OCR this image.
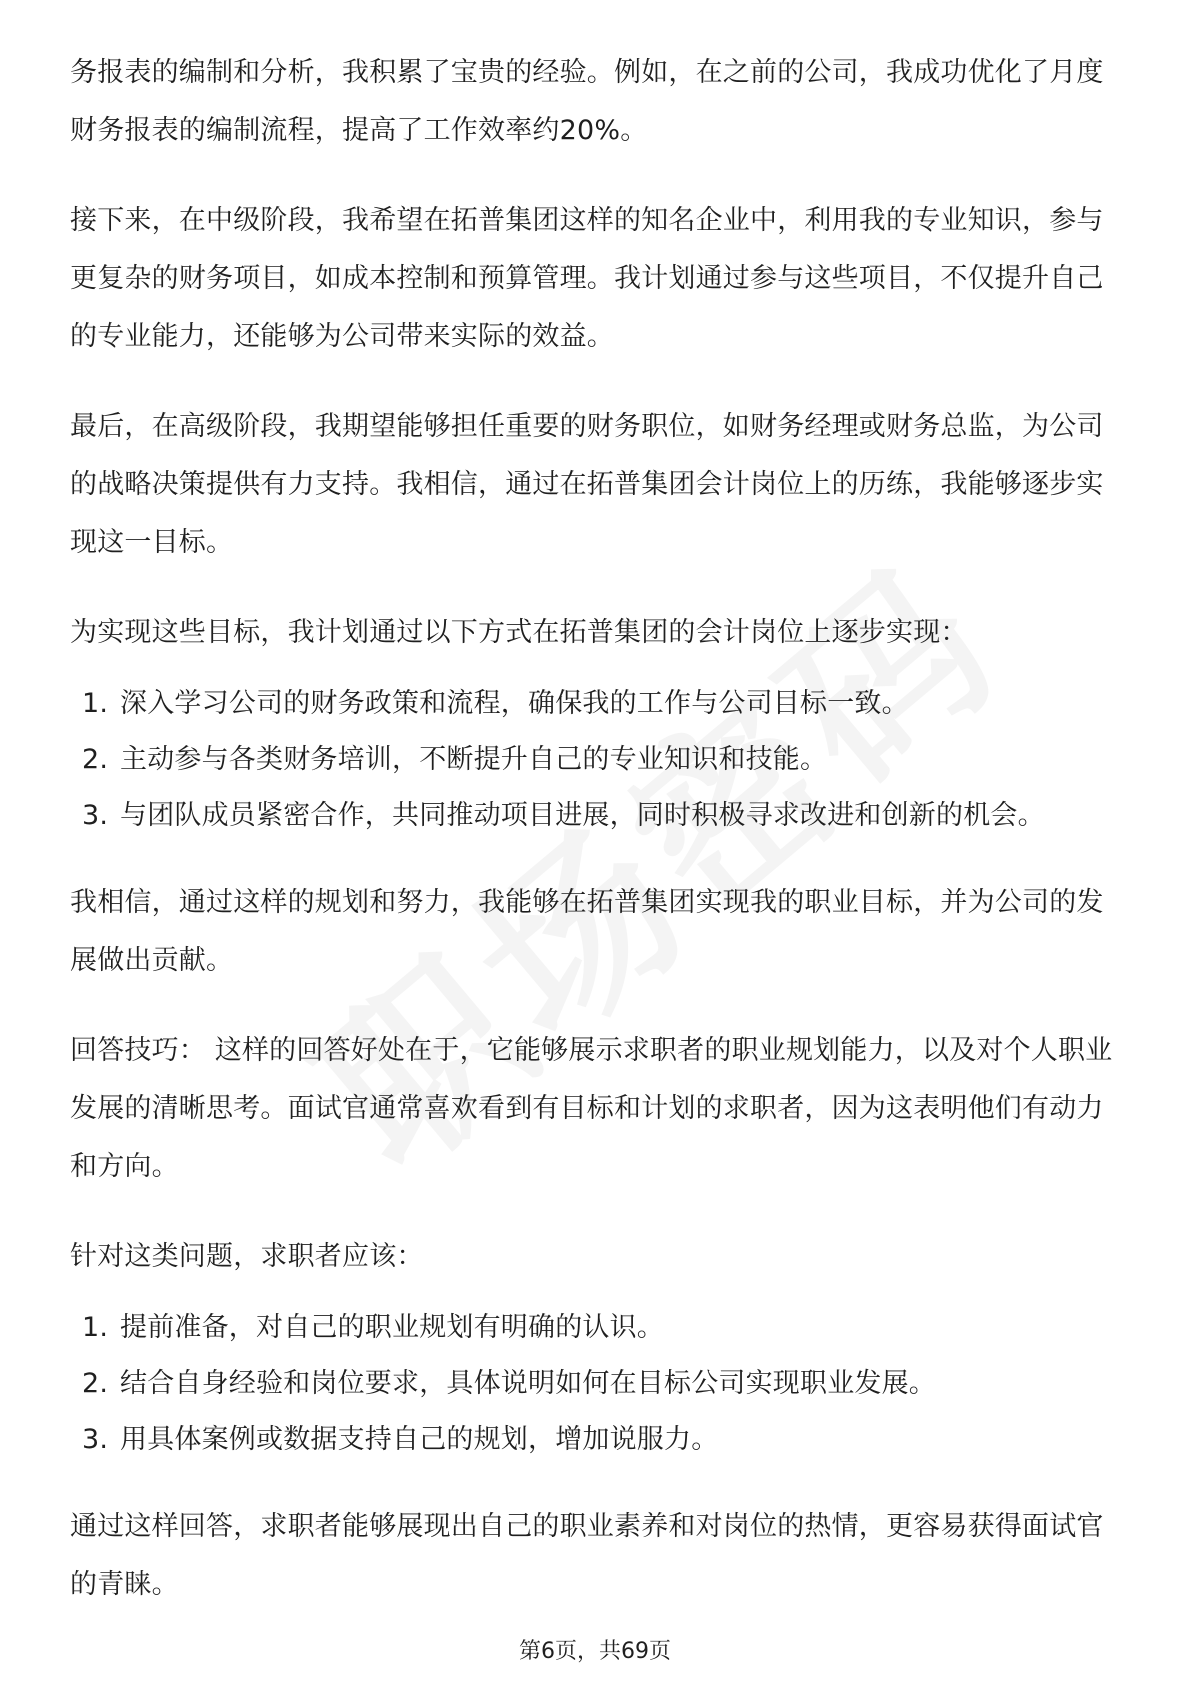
务报表的编制和分析，我积累了宝贵的经验。例如，在之前的公司，我成功优化了月度财务报表的编制流程，提高了工作效率约20%。

接下来，在中级阶段，我希望在拓普集团这样的知名企业中，利用我的专业知识，参与更复杂的财务项目，如成本控制和预算管理。我计划通过参与这些项目，不仅提升自己的专业能力，还能够为公司带来实际的效益。

最后，在高级阶段，我期望能够担任重要的财务职位，如财务经理或财务总监，为公司的战略决策提供有力支持。我相信，通过在拓普集团会计岗位上的历练，我能够逐步实现这一目标。

为实现这些目标，我计划通过以下方式在拓普集团的会计岗位上逐步实现：

1. 深入学习公司的财务政策和流程，确保我的工作与公司目标一致。
2. 主动参与各类财务培训，不断提升自己的专业知识和技能。
3. 与团队成员紧密合作，共同推动项目进展，同时积极寻求改进和创新的机会。

我相信，通过这样的规划和努力，我能够在拓普集团实现我的职业目标，并为公司的发展做出贡献。

回答技巧： 这样的回答好处在于，它能够展示求职者的职业规划能力，以及对个人职业发展的清晰思考。面试官通常喜欢看到有目标和计划的求职者，因为这表明他们有动力和方向。

针对这类问题，求职者应该：

1. 提前准备，对自己的职业规划有明确的认识。
2. 结合自身经验和岗位要求，具体说明如何在目标公司实现职业发展。
3. 用具体案例或数据支持自己的规划，增加说服力。

通过这样回答，求职者能够展现出自己的职业素养和对岗位的热情，更容易获得面试官的青睐。

第6页，共69页
